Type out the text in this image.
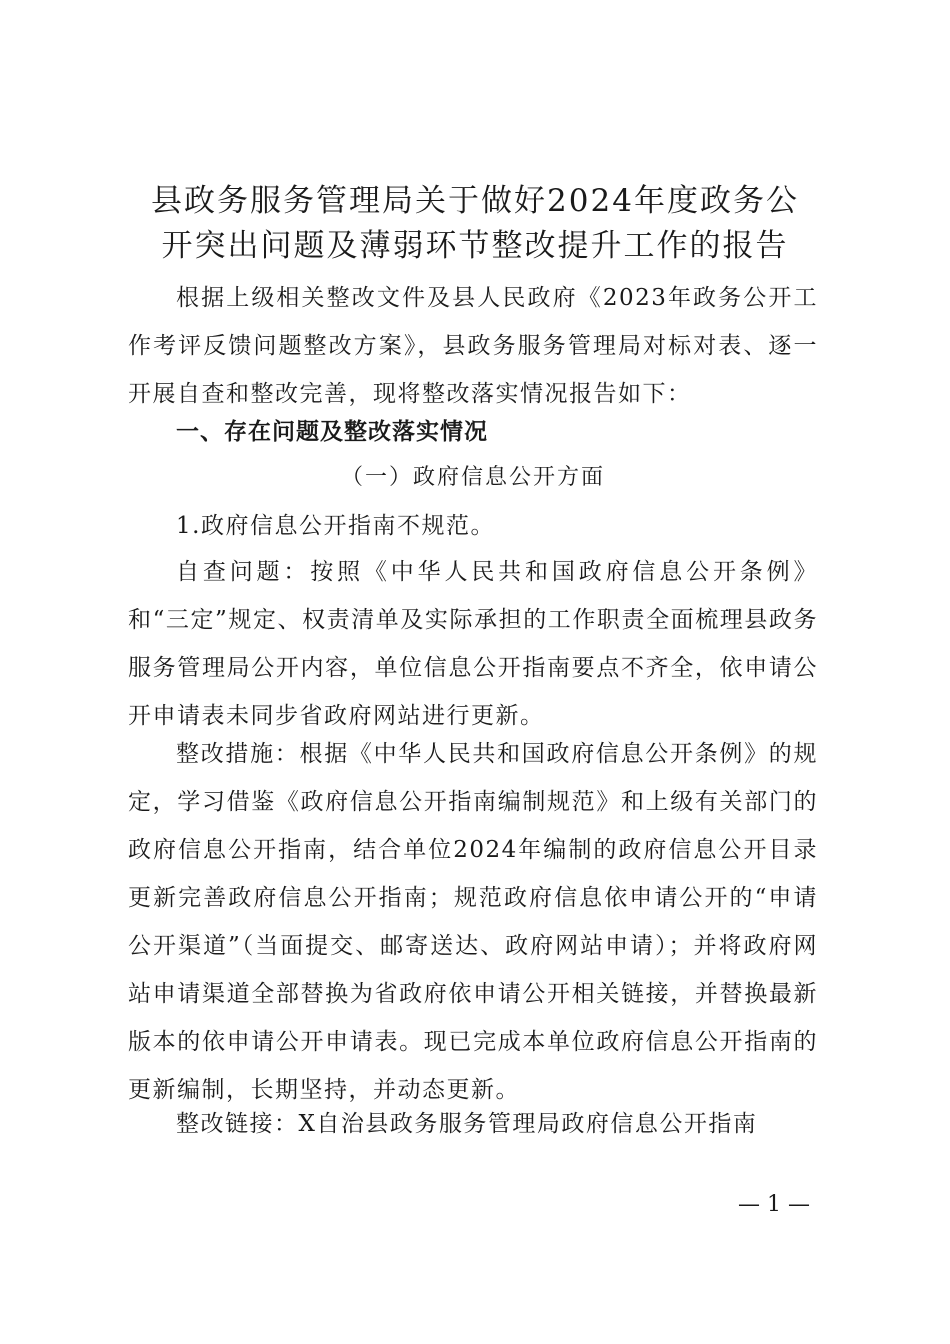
县政务服务管理局关于做好2024年度政务公
开突出问题及薄弱环节整改提升工作的报告
根据上级相关整改文件及县人民政府《2023年政务公开工作考评反馈问题整改方案》，县政务服务管理局对标对表、逐一开展自查和整改完善，现将整改落实情况报告如下：
一、存在问题及整改落实情况
（一）政府信息公开方面
1.政府信息公开指南不规范。
自查问题：按照《中华人民共和国政府信息公开条例》和“三定”规定、权责清单及实际承担的工作职责全面梳理县政务服务管理局公开内容，单位信息公开指南要点不齐全，依申请公开申请表未同步省政府网站进行更新。
整改措施：根据《中华人民共和国政府信息公开条例》的规定，学习借鉴《政府信息公开指南编制规范》和上级有关部门的政府信息公开指南，结合单位2024年编制的政府信息公开目录更新完善政府信息公开指南；规范政府信息依申请公开的“申请公开渠道”（当面提交、邮寄送达、政府网站申请）；并将政府网站申请渠道全部替换为省政府依申请公开相关链接，并替换最新版本的依申请公开申请表。现已完成本单位政府信息公开指南的更新编制，长期坚持，并动态更新。
整改链接：X自治县政务服务管理局政府信息公开指南
— 1 —
